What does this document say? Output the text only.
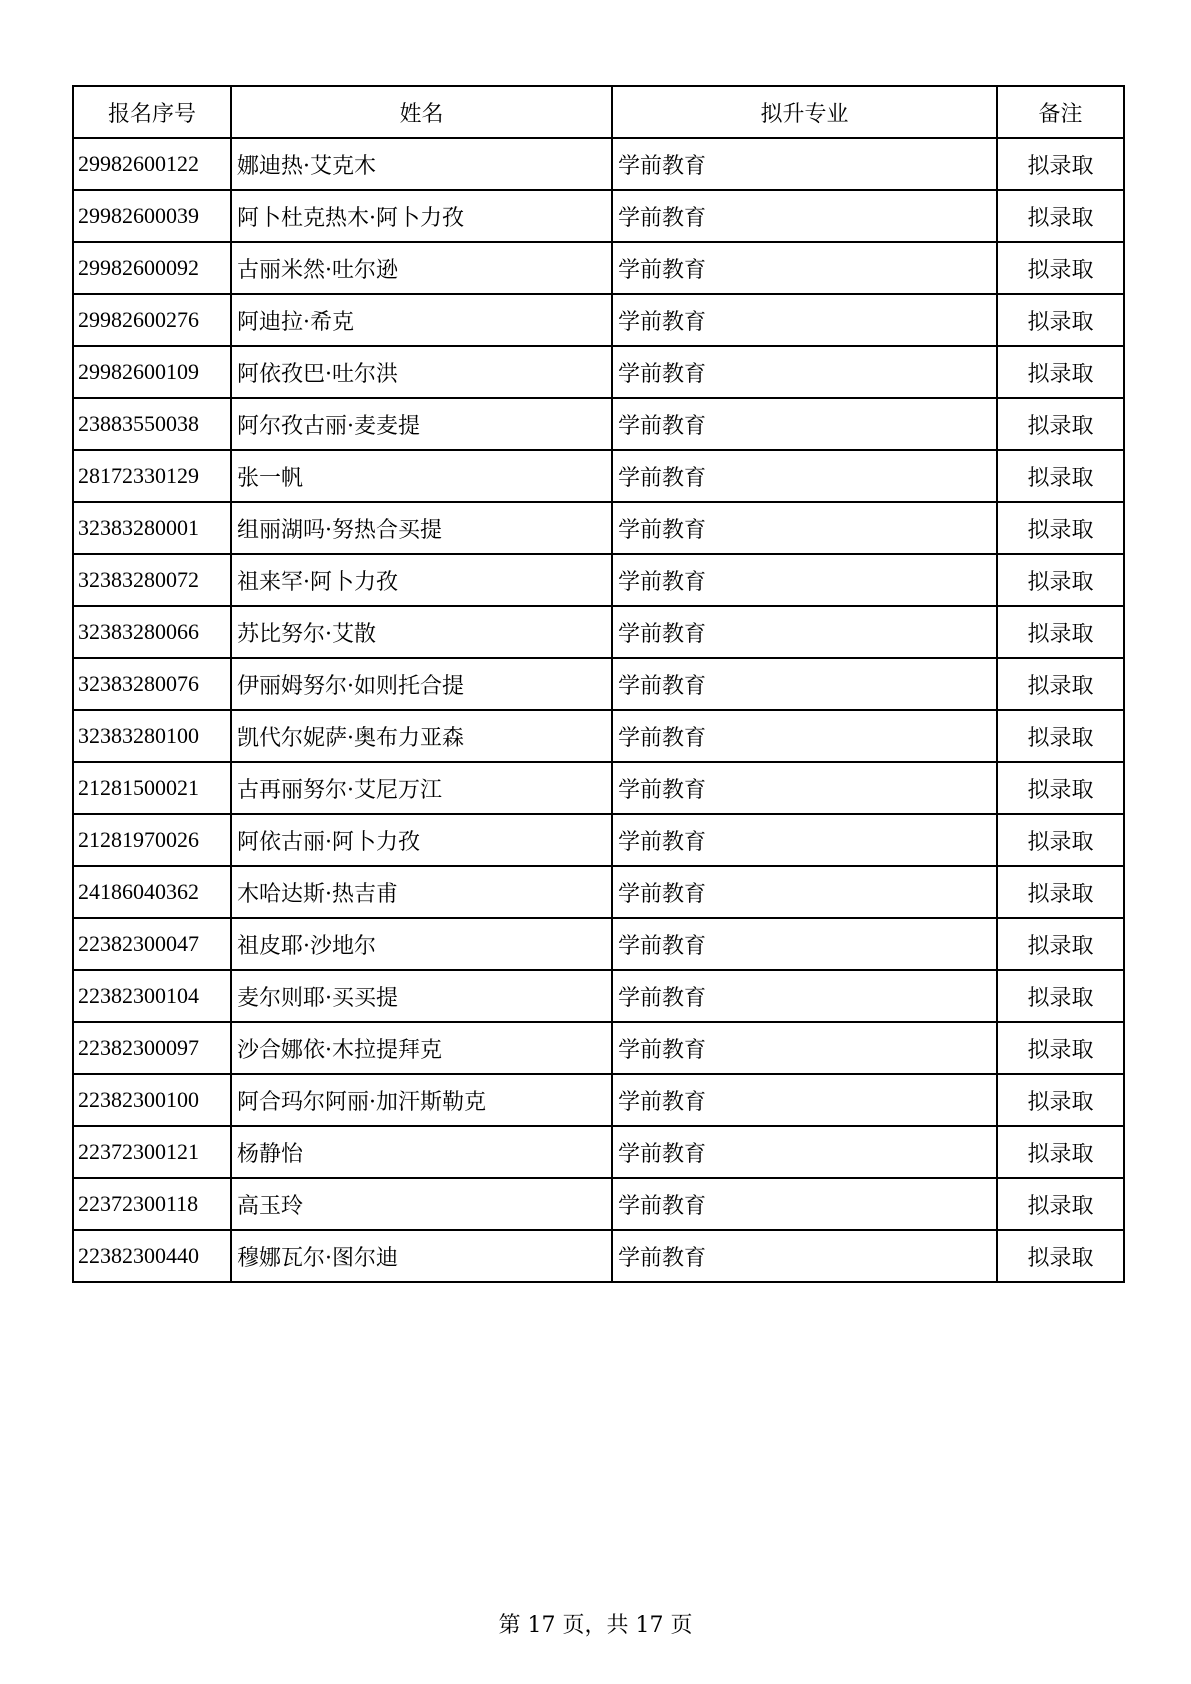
报名序号	姓名	拟升专业	备注
29982600122	娜迪热·艾克木	学前教育	拟录取
29982600039	阿卜杜克热木·阿卜力孜	学前教育	拟录取
29982600092	古丽米然·吐尔逊	学前教育	拟录取
29982600276	阿迪拉·希克	学前教育	拟录取
29982600109	阿依孜巴·吐尔洪	学前教育	拟录取
23883550038	阿尔孜古丽·麦麦提	学前教育	拟录取
28172330129	张一帆	学前教育	拟录取
32383280001	组丽湖吗·努热合买提	学前教育	拟录取
32383280072	祖来罕·阿卜力孜	学前教育	拟录取
32383280066	苏比努尔·艾散	学前教育	拟录取
32383280076	伊丽姆努尔·如则托合提	学前教育	拟录取
32383280100	凯代尔妮萨·奥布力亚森	学前教育	拟录取
21281500021	古再丽努尔·艾尼万江	学前教育	拟录取
21281970026	阿依古丽·阿卜力孜	学前教育	拟录取
24186040362	木哈达斯·热吉甫	学前教育	拟录取
22382300047	祖皮耶·沙地尔	学前教育	拟录取
22382300104	麦尔则耶·买买提	学前教育	拟录取
22382300097	沙合娜依·木拉提拜克	学前教育	拟录取
22382300100	阿合玛尔阿丽·加汗斯勒克	学前教育	拟录取
22372300121	杨静怡	学前教育	拟录取
22372300118	高玉玲	学前教育	拟录取
22382300440	穆娜瓦尔·图尔迪	学前教育	拟录取
第 17 页，共 17 页
